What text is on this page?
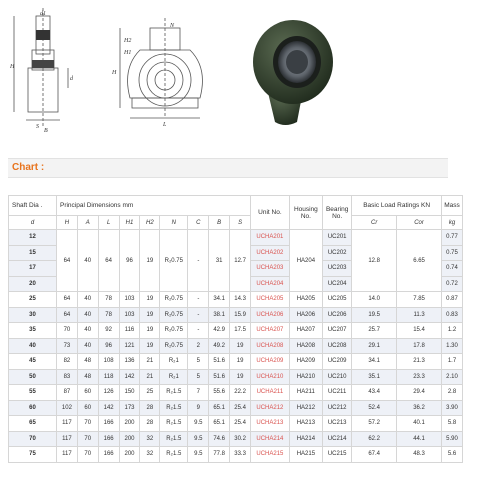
d1
H
d
S
B
N
H2
H1
H
L
Chart :
Shaft Dia .	Principal Dimensions mm									Unit No.	Housing No.	Bearing No.	Basic Load Ratings KN		Mass
d	H	A	L	H1	H2	N	C	B	S				Cr	Cor	kg
12	64	40	64	96	19	R₂0.75	-	31	12.7	UCHA201	HA204	UC201	12.8	6.65	0.77
15										UCHA202		UC202			0.75
17										UCHA203		UC203			0.74
20										UCHA204		UC204			0.72
25	64	40	78	103	19	R₂0.75	-	34.1	14.3	UCHA205	HA205	UC205	14.0	7.85	0.87
30	64	40	78	103	19	R₂0.75	-	38.1	15.9	UCHA206	HA206	UC206	19.5	11.3	0.83
35	70	40	92	116	19	R₂0.75	-	42.9	17.5	UCHA207	HA207	UC207	25.7	15.4	1.2
40	73	40	96	121	19	R₂0.75	2	49.2	19	UCHA208	HA208	UC208	29.1	17.8	1.30
45	82	48	108	136	21	R₂1	5	51.6	19	UCHA209	HA209	UC209	34.1	21.3	1.7
50	83	48	118	142	21	R₂1	5	51.6	19	UCHA210	HA210	UC210	35.1	23.3	2.10
55	87	60	126	150	25	R₂1.5	7	55.6	22.2	UCHA211	HA211	UC211	43.4	29.4	2.8
60	102	60	142	173	28	R₂1.5	9	65.1	25.4	UCHA212	HA212	UC212	52.4	36.2	3.90
65	117	70	166	200	28	R₂1.5	9.5	65.1	25.4	UCHA213	HA213	UC213	57.2	40.1	5.8
70	117	70	166	200	32	R₂1.5	9.5	74.6	30.2	UCHA214	HA214	UC214	62.2	44.1	5.90
75	117	70	166	200	32	R₂1.5	9.5	77.8	33.3	UCHA215	HA215	UC215	67.4	48.3	5.6
